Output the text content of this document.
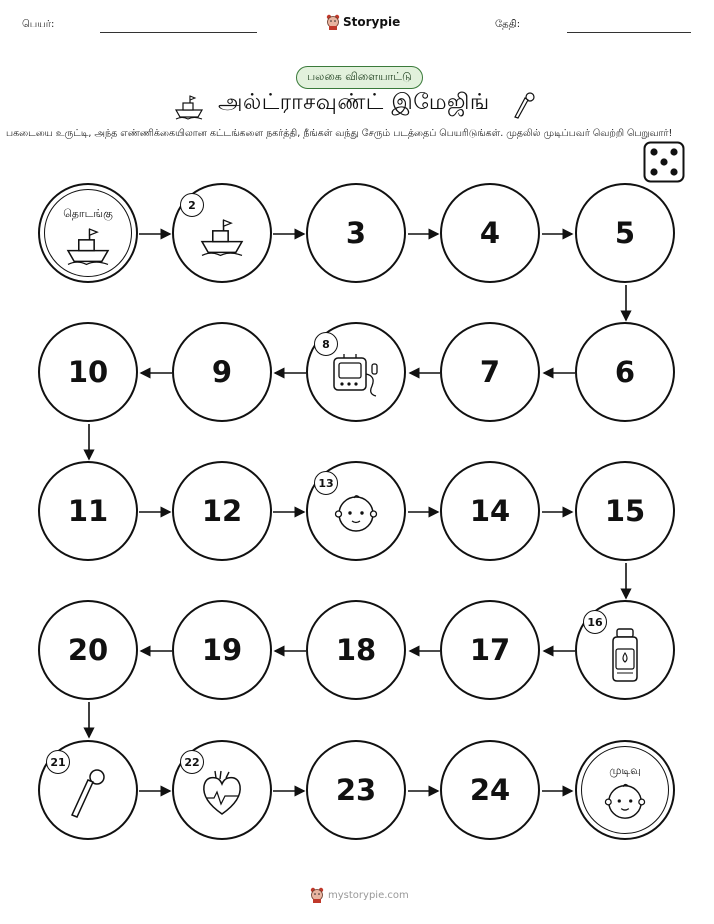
பெயர்:	Storypie	தேதி:
பலகை விளையாட்டு
அல்ட்ராசவுண்ட் இமேஜிங்
பகடையை உருட்டி, அந்த எண்ணிக்கையிலான கட்டங்களை நகர்த்தி, நீங்கள் வந்து சேரும் படத்தைப் பெயரிடுங்கள். முதலில் முடிப்பவர் வெற்றி பெறுவார்!
தொடங்கு
2
3	4	5
10	9
8
7	6
11	12
13
14	15
20	19	18	17
16
21	22
23	24
முடிவு
mystorypie.com
